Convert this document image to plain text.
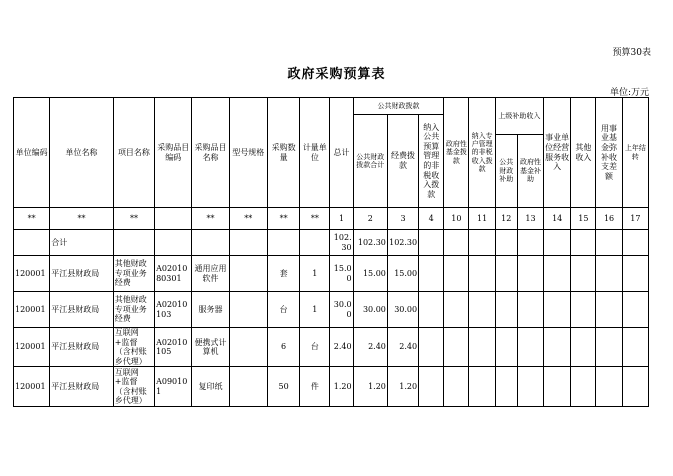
预算30表
政府采购预算表
单位:万元
单位编码	单位名称	项目名称	采购品目编码	采购品目名称	型号规格	采购数量	计量单位	总计	公共财政拨款			政府性基金拨款	纳入专户管理的非税收入拨款	上级补助收入		事业单位经营服务收入	其他收入	用事业基金弥补收支差额	上年结转
									公共财政拨款合计	经费拨款	纳入公共预算管理的非税收入拨款								
														公共财政补助	政府性基金补助				
**	**	**		**	**	**	**	1	2	3	4	10	11	12	13	14	15	16	17
	合计							102.30	102.30	102.30									
120001	平江县财政局	其他财政专项业务经费	A0201080301	通用应用软件		套	1	15.00	15.00	15.00									
120001	平江县财政局	其他财政专项业务经费	A02010103	服务器		台	1	30.00	30.00	30.00									
120001	平江县财政局	互联网+监督（含村账乡代理）	A02010105	便携式计算机		6	台	2.40	2.40	2.40									
120001	平江县财政局	互联网+监督（含村账乡代理）	A090101	复印纸		50	件	1.20	1.20	1.20									
